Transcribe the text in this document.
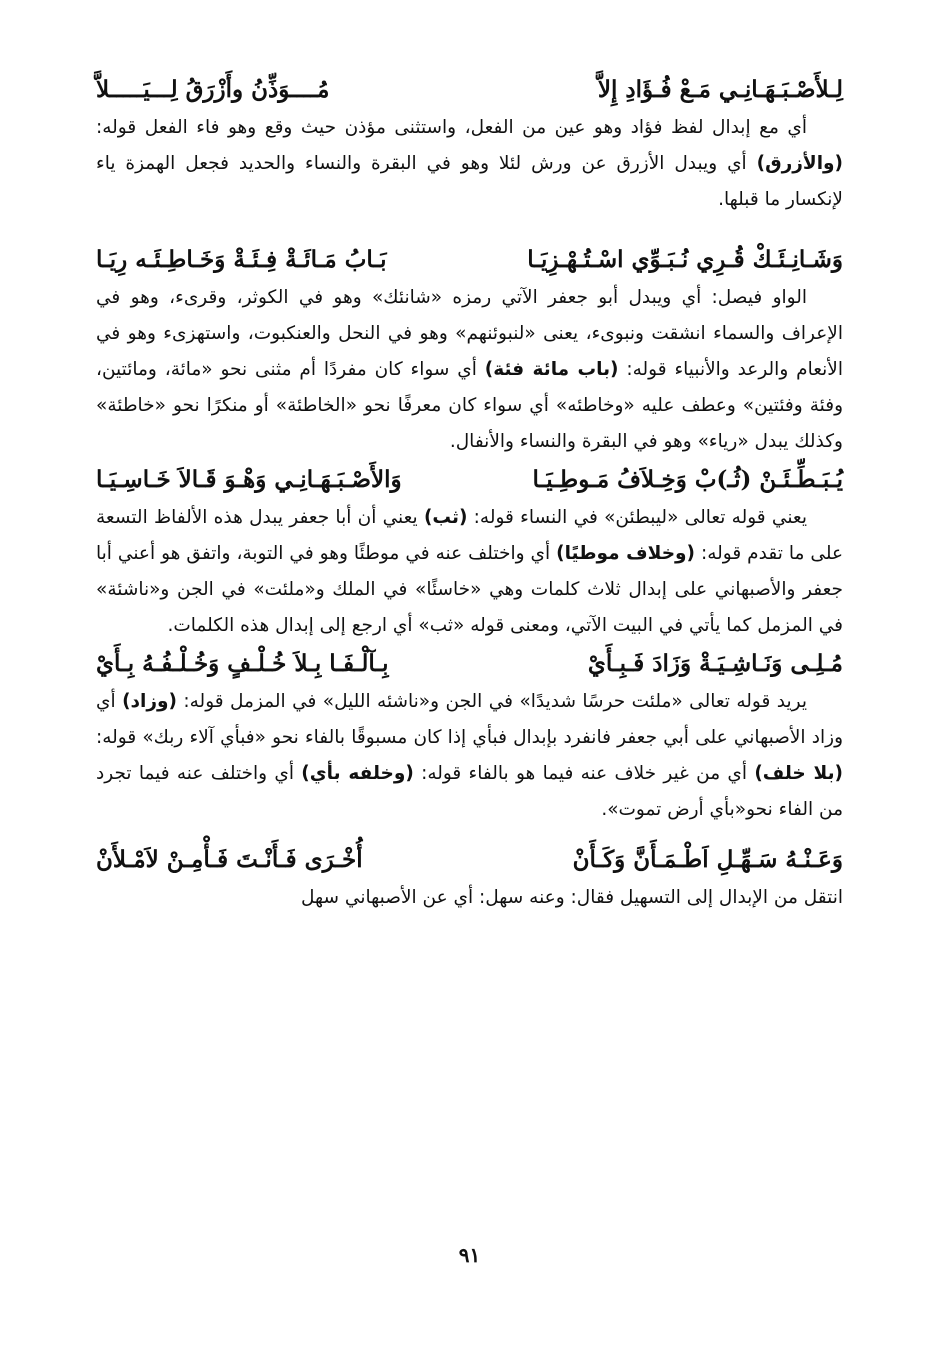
لِـلأَصْـبَـهَـانِـي مَـعْ فُـؤَادِ إِلاَّ
مُــــوَذِّنُ وأَزْرَقُ لِـــيَـــــلاَّ

أي مع إبدال لفظ فؤاد وهو عين من الفعل، واستثنى مؤذن حيث وقع وهو فاء الفعل قوله: (والأزرق) أي ويبدل الأزرق عن ورش لئلا وهو في البقرة والنساء والحديد فجعل الهمزة ياء لإنكسار ما قبلها.

وَشَـانِـئَـكْ قُـرِي نُـبَـوِّي اسْـتُـهْـزِيَـا
بَـابُ مَـائَـةْ فِـئَـةْ وَخَـاطِـئَـه رِيَـا

الواو فيصل: أي ويبدل أبو جعفر الآتي رمزه «شانئك» وهو في الكوثر، وقرىء، وهو في الإعراف والسماء انشقت ونبوىء، يعنى «لنبوئنهم» وهو في النحل والعنكبوت، واستهزىء وهو في الأنعام والرعد والأنبياء قوله: (باب مائة فئة) أي سواء كان مفردًا أم مثنى نحو «مائة، ومائتين، وفئة وفئتين» وعطف عليه «وخاطئه» أي سواء كان معرفًا نحو «الخاطئة» أو منكرًا نحو «خاطئة» وكذلك يبدل «رياء» وهو في البقرة والنساء والأنفال.

يُـبَـطِّـئَـنْ (ثُـ)بْ وَخِـلاَفُ مَـوطِـيَـا
وَالأَصْـبَـهَـانِـي وَهْـوَ قَـالاَ خَـاسِـيَـا

يعني قوله تعالى «ليبطئن» في النساء قوله: (ثب) يعني أن أبا جعفر يبدل هذه الألفاظ التسعة على ما تقدم قوله: (وخلاف موطيًا) أي واختلف عنه في موطئًا وهو في التوبة، واتفق هو أعني أبا جعفر والأصبهاني على إبدال ثلاث كلمات وهي «خاسئًا» في الملك و«ملئت» في الجن و«ناشئة» في المزمل كما يأتي في البيت الآتي، ومعنى قوله «ثب» أي ارجع إلى إبدال هذه الكلمات.

مُـلِـى وَنَـاشِـيَـةْ وَزَادَ فَـبِـأَيْ
بِـآلْـفَـا بِـلاَ خُـلْـفٍ وَخُـلْـفُـهُ بِـأَيْ

يريد قوله تعالى «ملئت حرسًا شديدًا» في الجن و«ناشئه الليل» في المزمل قوله: (وزاد) أي وزاد الأصبهاني على أبي جعفر فانفرد بإبدال فبأي إذا كان مسبوقًا بالفاء نحو «فبأي آلاء ربك» قوله: (بلا خلف) أي من غير خلاف عنه فيما هو بالفاء قوله: (وخلفه بأي) أي واختلف عنه فيما تجرد من الفاء نحو«بأي أرض تموت».

وَعَـنْـهُ سَـهِّـلِ اَطْـمَـأَنَّ وَكَـأَنْ
أُخْـرَى فَـأَنْـتَ فَـأْمِـنْ لاَمْـلأَنْ

انتقل من الإبدال إلى التسهيل فقال: وعنه سهل: أي عن الأصبهاني سهل

٩١
